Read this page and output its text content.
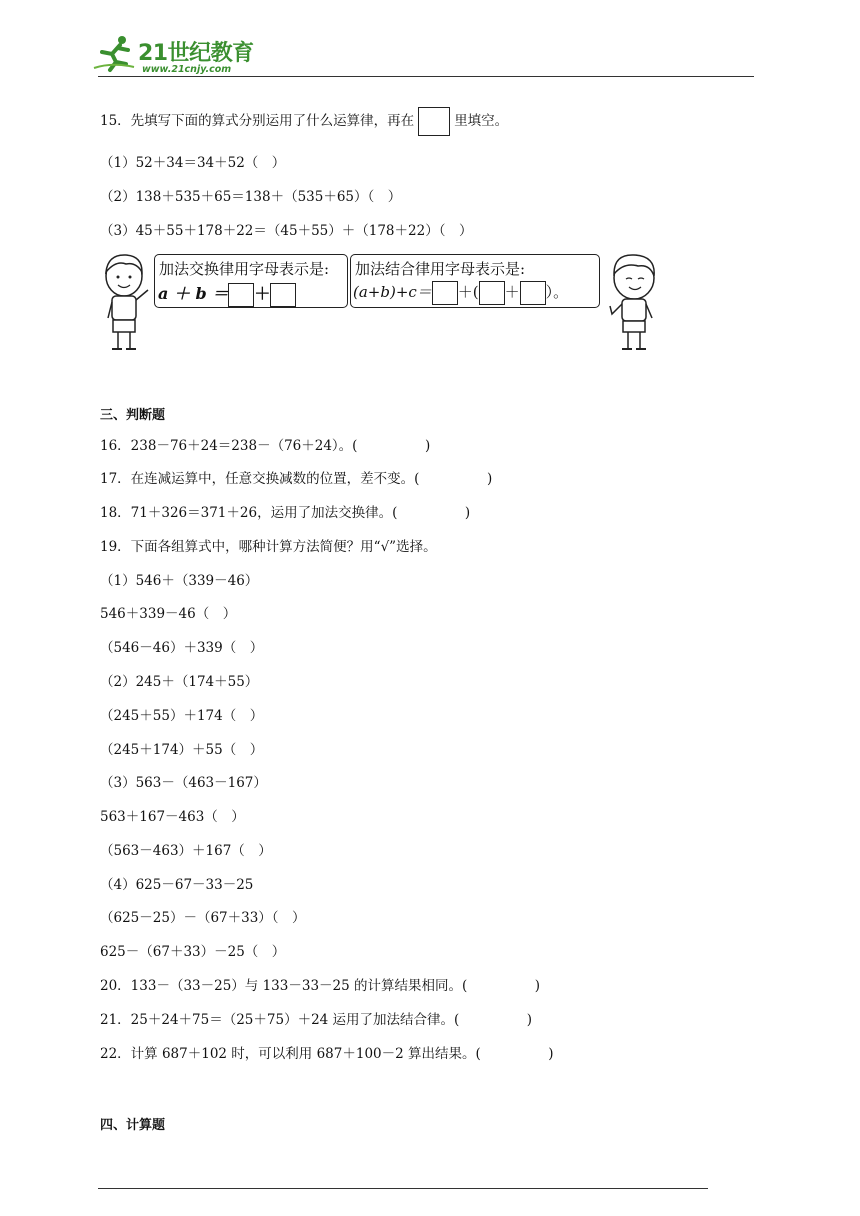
21世纪教育
www.21cnjy.com
15．先填写下面的算式分别运用了什么运算律，再在	里填空。
（1）52＋34＝34＋52（　）
（2）138＋535＋65＝138＋（535＋65）（　）
（3）45＋55＋178＋22＝（45＋55）＋（178＋22）（　）
加法交换律用字母表示是:
a ＋ b ＝ ＋
加法结合律用字母表示是:
(a+b)+c＝ ＋( ＋ ）。
三、判断题
16．238－76＋24＝238－（76＋24）。(　　　　　)
17．在连减运算中，任意交换减数的位置，差不变。(　　　　　)
18．71＋326＝371＋26，运用了加法交换律。(　　　　　)
19．下面各组算式中，哪种计算方法简便？用“√”选择。
（1）546＋（339－46）
546＋339－46（　）
（546－46）＋339（　）
（2）245＋（174＋55）
（245＋55）＋174（　）
（245＋174）＋55（　）
（3）563－（463－167）
563＋167－463（　）
（563－463）＋167（　）
（4）625－67－33－25
（625－25）－（67＋33）（　）
625－（67＋33）－25（　）
20．133－（33－25）与 133－33－25 的计算结果相同。(　　　　　)
21．25＋24＋75＝（25＋75）＋24 运用了加法结合律。(　　　　　)
22．计算 687＋102 时，可以利用 687＋100－2 算出结果。(　　　　　)
四、计算题
